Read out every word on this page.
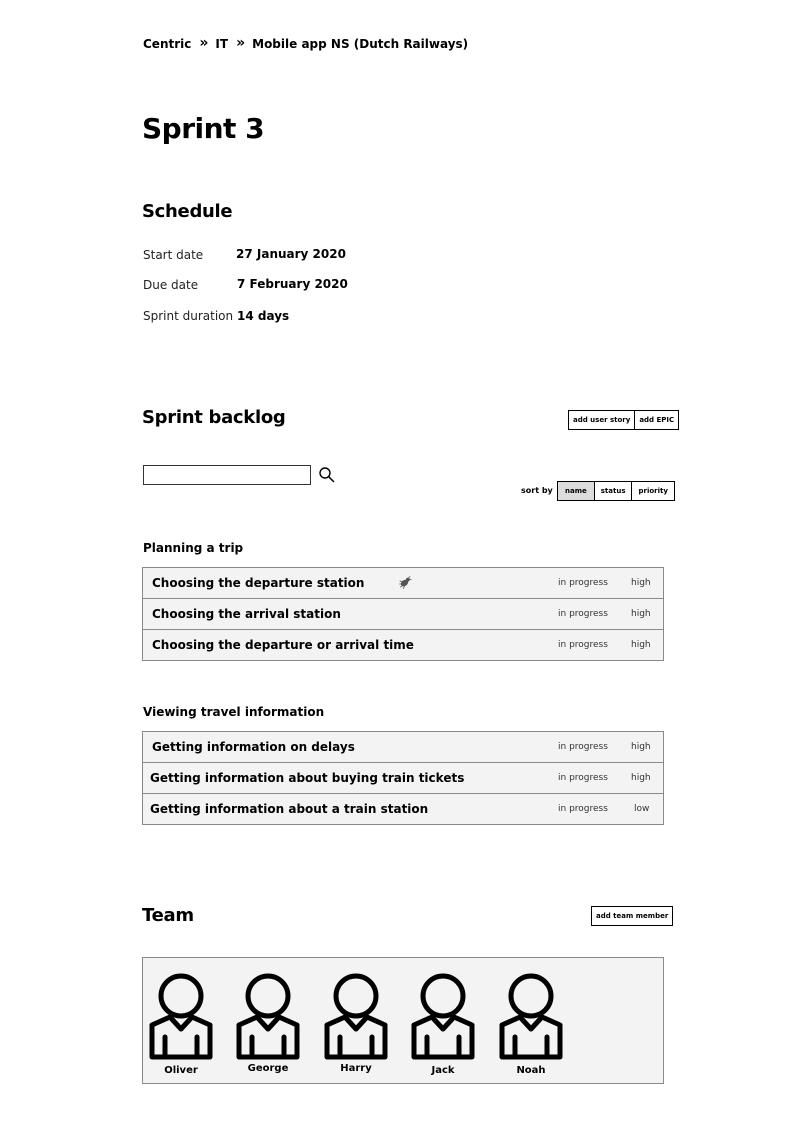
Centric » IT » Mobile app NS (Dutch Railways)
Sprint 3
Schedule
Start date	27 January 2020
Due date	7 February 2020
Sprint duration 14 days
Sprint backlog	add user story	add EPIC
sort by	name	status	priority
Planning a trip
Choosing the departure station	in progress	high
Choosing the arrival station	in progress	high
Choosing the departure or arrival time	in progress	high
Viewing travel information
Getting information on delays	in progress	high
Getting information about buying train tickets	in progress	high
Getting information about a train station	in progress	low
Team	add team member
Oliver	George	Harry	Jack	Noah
